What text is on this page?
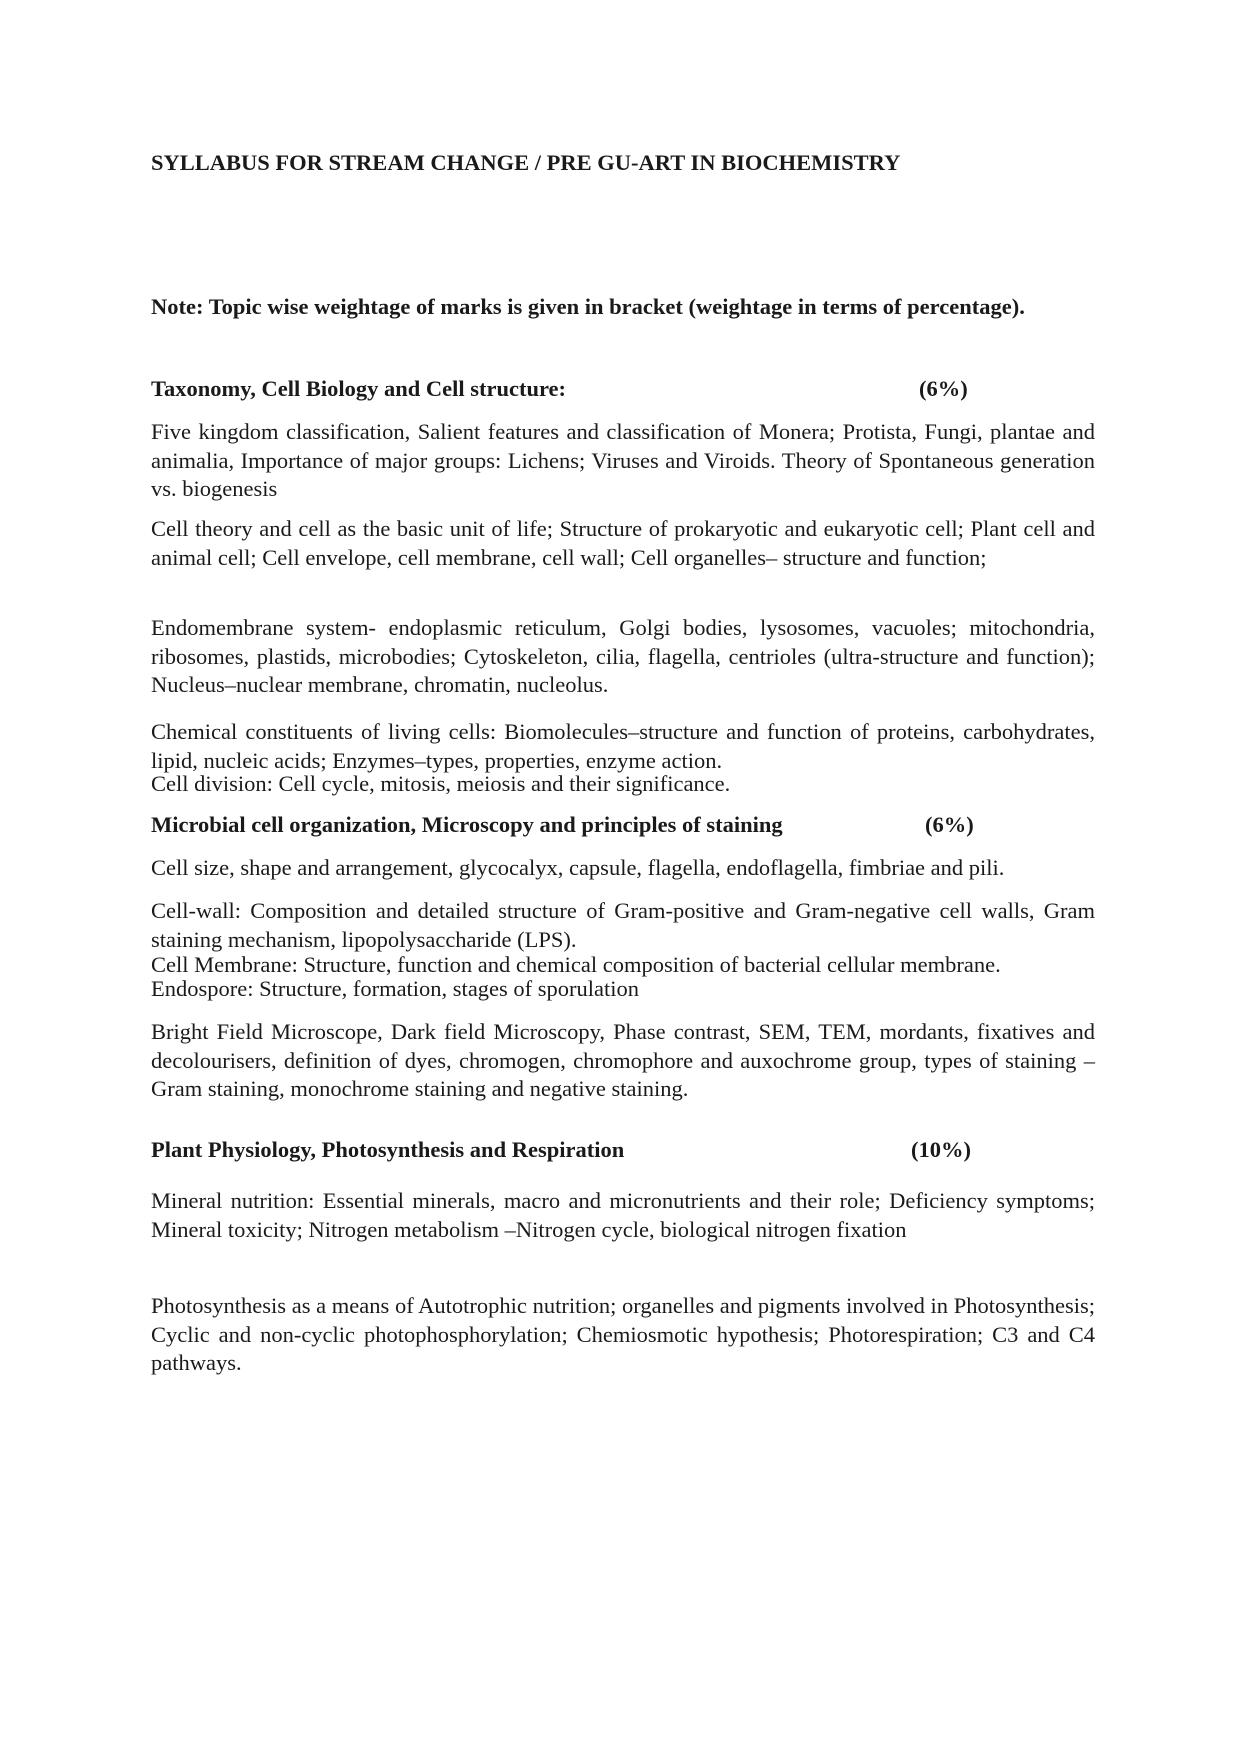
SYLLABUS FOR STREAM CHANGE / PRE GU-ART IN BIOCHEMISTRY

Note: Topic wise weightage of marks is given in bracket (weightage in terms of percentage).

Taxonomy, Cell Biology and Cell structure:	(6%)

Five kingdom classification, Salient features and classification of Monera; Protista, Fungi, plantae and animalia, Importance of major groups: Lichens; Viruses and Viroids. Theory of Spontaneous generation vs. biogenesis

Cell theory and cell as the basic unit of life; Structure of prokaryotic and eukaryotic cell; Plant cell and animal cell; Cell envelope, cell membrane, cell wall; Cell organelles– structure and function;

Endomembrane system- endoplasmic reticulum, Golgi bodies, lysosomes, vacuoles; mitochondria, ribosomes, plastids, microbodies; Cytoskeleton, cilia, flagella, centrioles (ultra-structure and function); Nucleus–nuclear membrane, chromatin, nucleolus.

Chemical constituents of living cells: Biomolecules–structure and function of proteins, carbohydrates, lipid, nucleic acids; Enzymes–types, properties, enzyme action.

Cell division: Cell cycle, mitosis, meiosis and their significance.

Microbial cell organization, Microscopy and principles of staining	(6%)

Cell size, shape and arrangement, glycocalyx, capsule, flagella, endoflagella, fimbriae and pili.

Cell-wall: Composition and detailed structure of Gram-positive and Gram-negative cell walls, Gram staining mechanism, lipopolysaccharide (LPS).

Cell Membrane: Structure, function and chemical composition of bacterial cellular membrane.

Endospore: Structure, formation, stages of sporulation

Bright Field Microscope, Dark field Microscopy, Phase contrast, SEM, TEM, mordants, fixatives and decolourisers, definition of dyes, chromogen, chromophore and auxochrome group, types of staining – Gram staining, monochrome staining and negative staining.

Plant Physiology, Photosynthesis and Respiration	(10%)

Mineral nutrition: Essential minerals, macro and micronutrients and their role; Deficiency symptoms; Mineral toxicity; Nitrogen metabolism –Nitrogen cycle, biological nitrogen fixation

Photosynthesis as a means of Autotrophic nutrition; organelles and pigments involved in Photosynthesis; Cyclic and non-cyclic photophosphorylation; Chemiosmotic hypothesis; Photorespiration; C3 and C4 pathways.
